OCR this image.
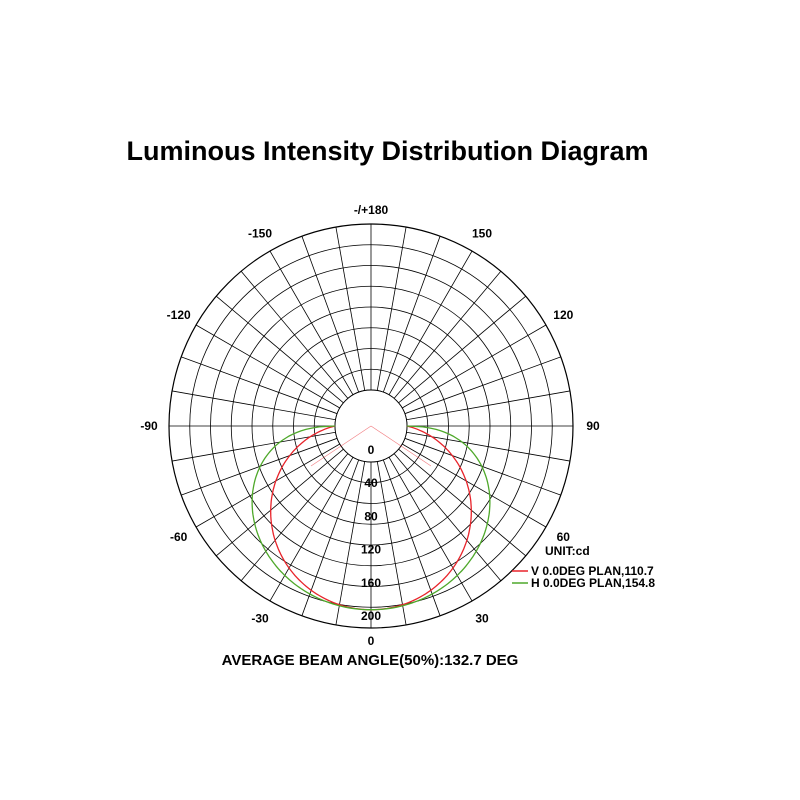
Luminous Intensity Distribution Diagram
-/+180
150
-150
120
-120
90
-90
60
-60
30
-30
0
0
40
80
120
160
200
UNIT:cd
V 0.0DEG PLAN,110.7
H 0.0DEG PLAN,154.8
AVERAGE BEAM ANGLE(50%):132.7 DEG
